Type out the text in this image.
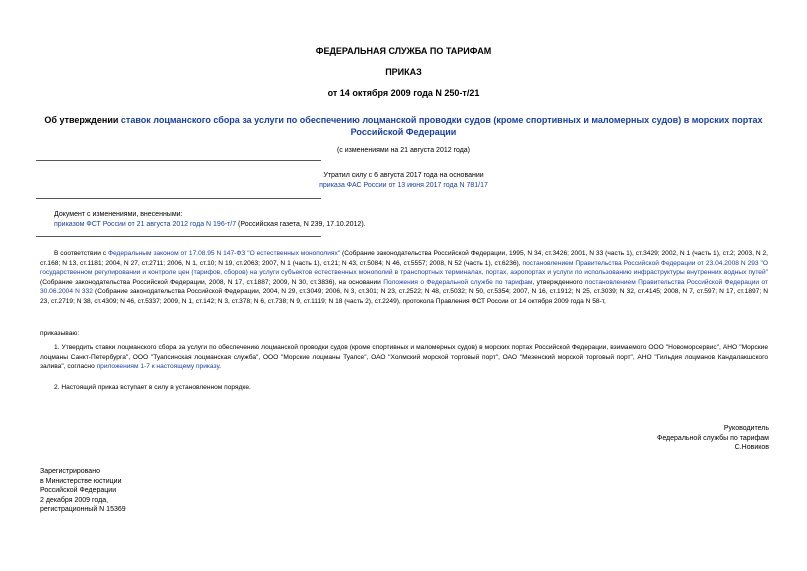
ФЕДЕРАЛЬНАЯ СЛУЖБА ПО ТАРИФАМ
ПРИКАЗ
от 14 октября 2009 года N 250-т/21
Об утверждении ставок лоцманского сбора за услуги по обеспечению лоцманской проводки судов (кроме спортивных и маломерных судов) в морских портах Российской Федерации
(с изменениями на 21 августа 2012 года)
Утратил силу с 6 августа 2017 года на основании
приказа ФАС России от 13 июня 2017 года N 781/17
Документ с изменениями, внесенными:
приказом ФСТ России от 21 августа 2012 года N 196-т/7 (Российская газета, N 239, 17.10.2012).
В соответствии с Федеральным законом от 17.08.95 N 147-ФЗ "О естественных монополиях" (Собрание законодательства Российской Федерации, 1995, N 34, ст.3426; 2001, N 33 (часть 1), ст.3429; 2002, N 1 (часть 1), ст.2; 2003, N 2, ст.168; N 13, ст.1181; 2004, N 27, ст.2711; 2006, N 1, ст.10; N 19, ст.2063; 2007, N 1 (часть 1), ст.21; N 43, ст.5084; N 46, ст.5557; 2008, N 52 (часть 1), ст.6236), постановлением Правительства Российской Федерации от 23.04.2008 N 293 "О государственном регулировании и контроле цен (тарифов, сборов) на услуги субъектов естественных монополий в транспортных терминалах, портах, аэропортах и услуги по использованию инфраструктуры внутренних водных путей" (Собрание законодательства Российской Федерации, 2008, N 17, ст.1887; 2009, N 30, ст.3836), на основании Положения о Федеральной службе по тарифам, утвержденного постановлением Правительства Российской Федерации от 30.06.2004 N 332 (Собрание законодательства Российской Федерации, 2004, N 29, ст.3049; 2006, N 3, ст.301; N 23, ст.2522; N 48, ст.5032; N 50, ст.5354; 2007, N 16, ст.1912; N 25, ст.3039; N 32, ст.4145; 2008, N 7, ст.597; N 17, ст.1897; N 23, ст.2719; N 38, ст.4309; N 46, ст.5337; 2009, N 1, ст.142; N 3, ст.378; N 6, ст.738; N 9, ст.1119; N 18 (часть 2), ст.2249), протокола Правления ФСТ России от 14 октября 2009 года N 58-т,
приказываю:
1. Утвердить ставки лоцманского сбора за услуги по обеспечению лоцманской проводки судов (кроме спортивных и маломерных судов) в морских портах Российской Федерации, взимаемого ООО "Новоморсервис", АНО "Морские лоцманы Санкт-Петербурга", ООО "Туапсинская лоцманская служба", ООО "Морские лоцманы Туапсе", ОАО "Холмский морской торговый порт", ОАО "Мезенский морской торговый порт", АНО "Гильдия лоцманов Кандалакшского залива", согласно приложениям 1-7 к настоящему приказу.
2. Настоящий приказ вступает в силу в установленном порядке.
Руководитель
Федеральной службы по тарифам
С.Новиков
Зарегистрировано
в Министерстве юстиции
Российской Федерации
2 декабря 2009 года,
регистрационный N 15369
